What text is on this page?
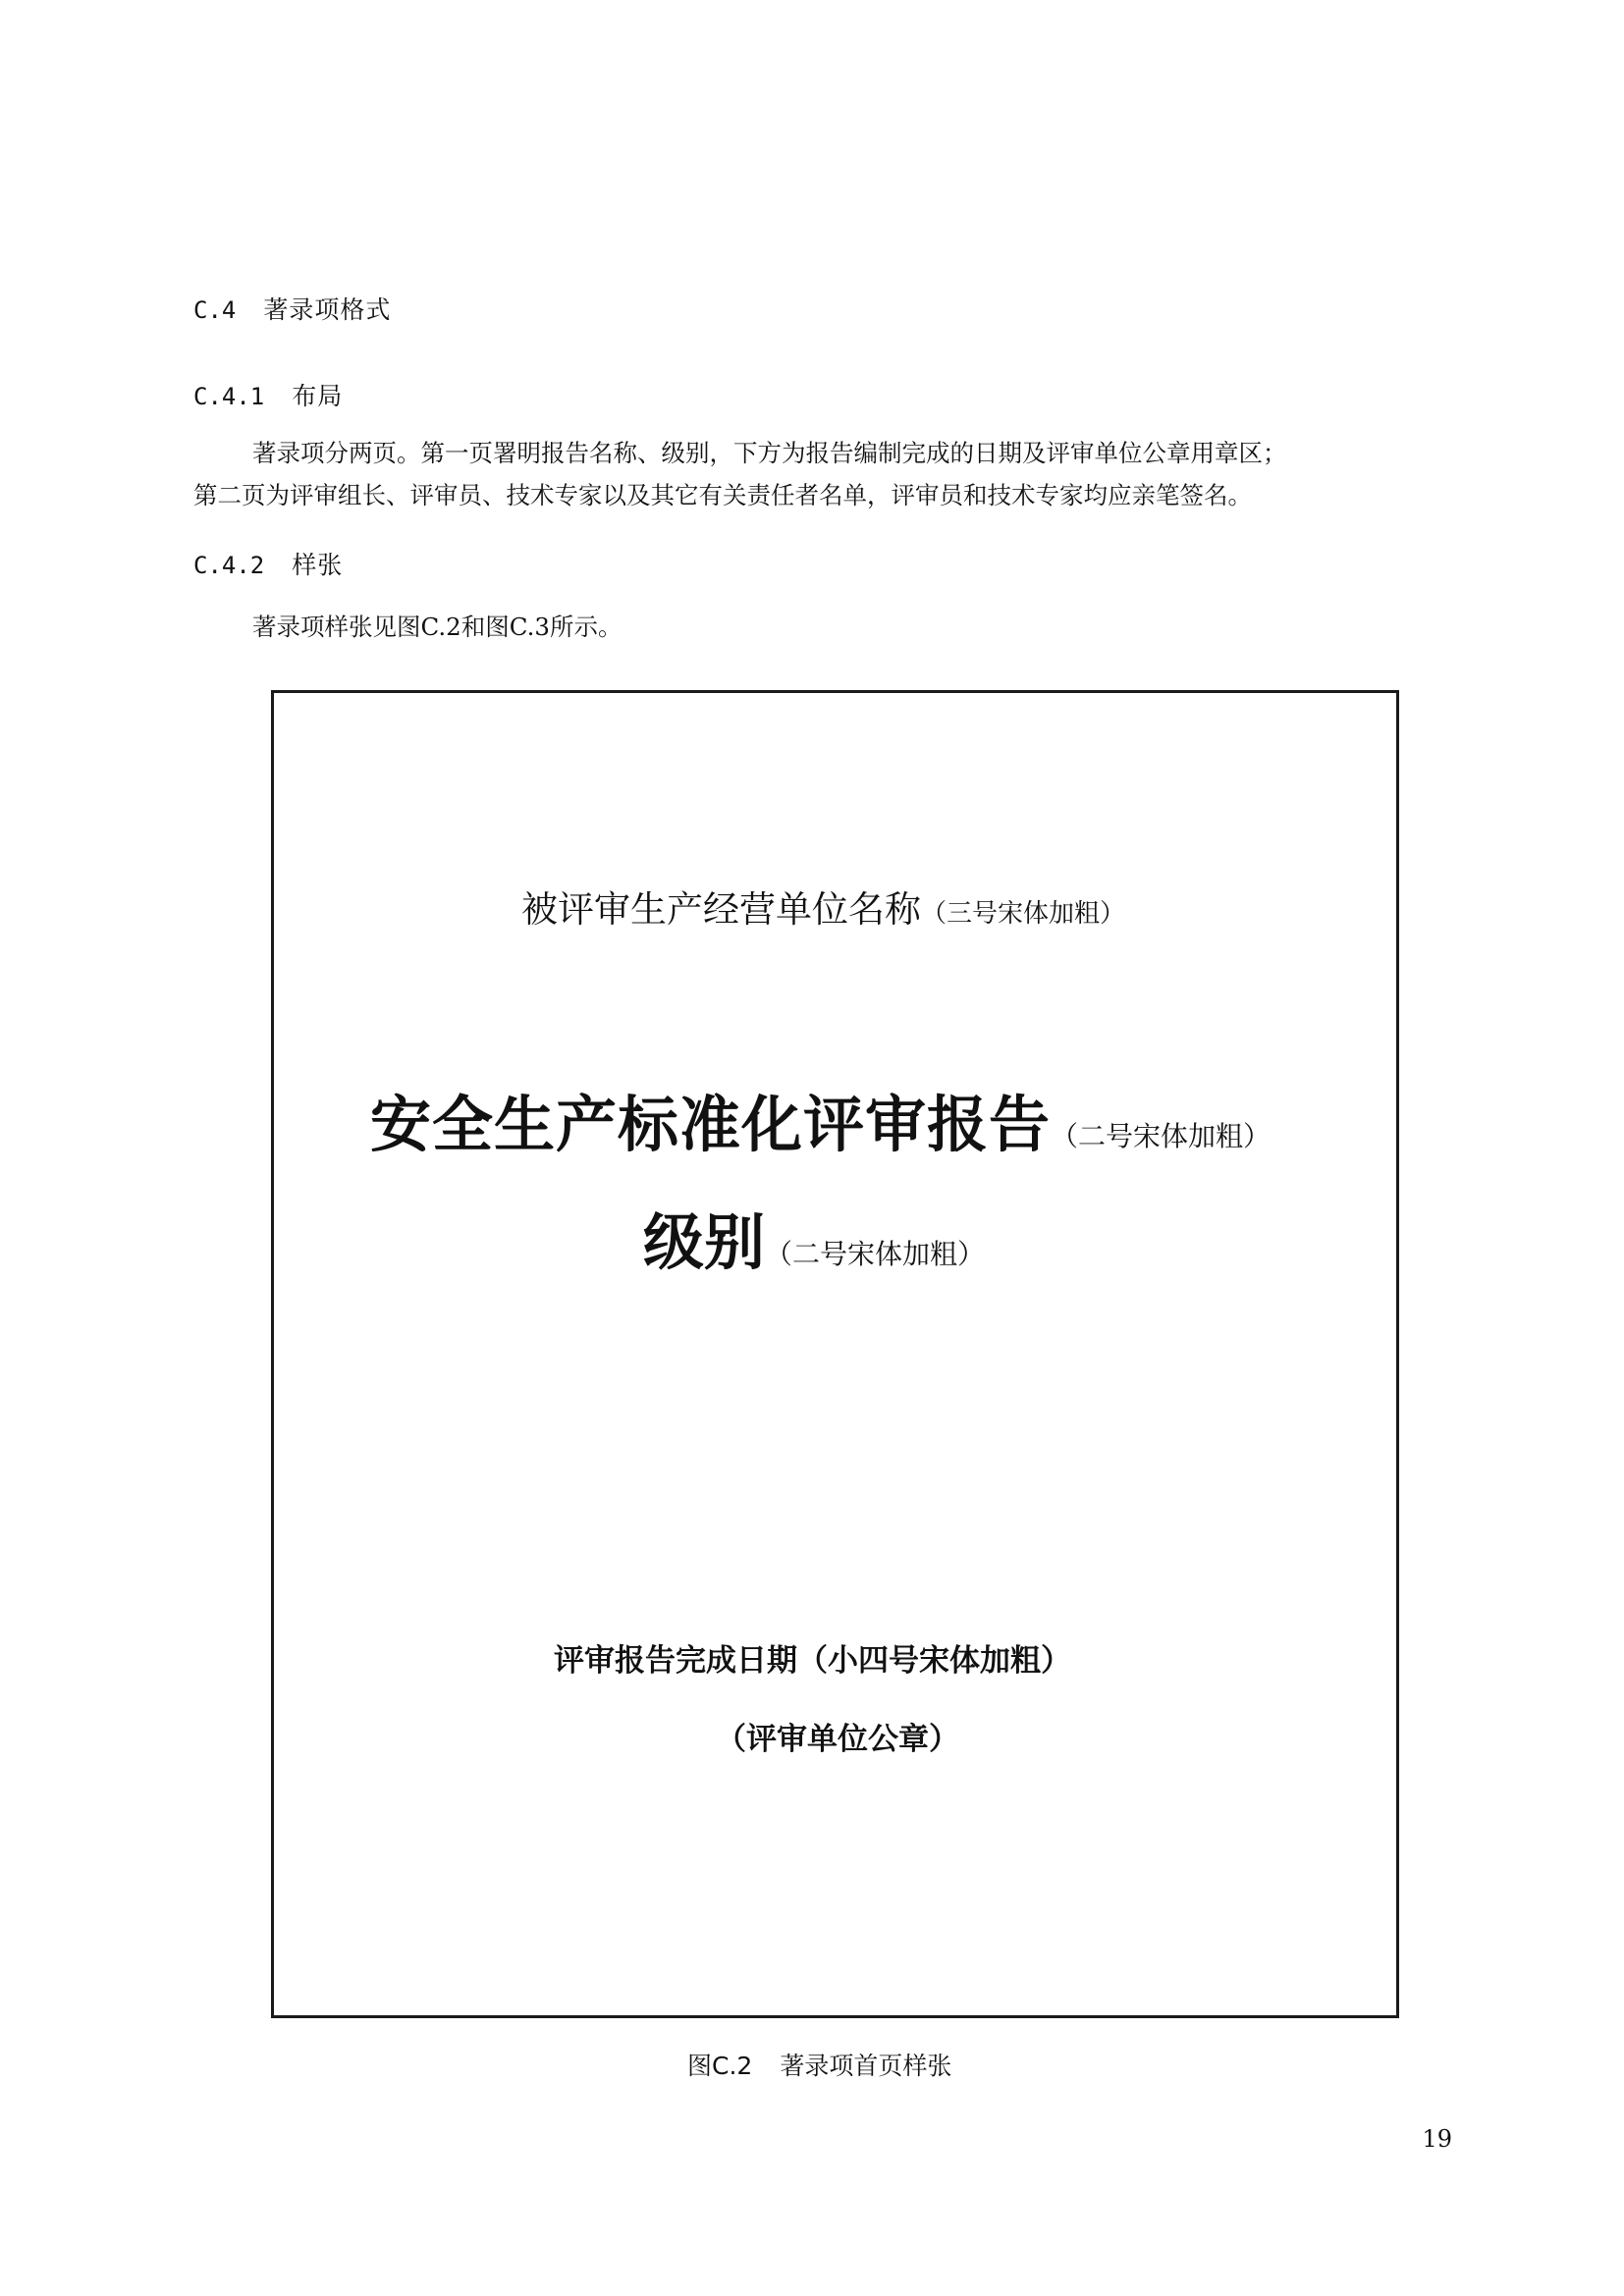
C.4 著录项格式
C.4.1 布局
著录项分两页。第一页署明报告名称、级别，下方为报告编制完成的日期及评审单位公章用章区；
第二页为评审组长、评审员、技术专家以及其它有关责任者名单，评审员和技术专家均应亲笔签名。
C.4.2 样张
著录项样张见图C.2和图C.3所示。
被评审生产经营单位名称（三号宋体加粗）
安全生产标准化评审报告（二号宋体加粗）
级别（二号宋体加粗）
评审报告完成日期（小四号宋体加粗）
（评审单位公章）
图C.2 著录项首页样张
19
